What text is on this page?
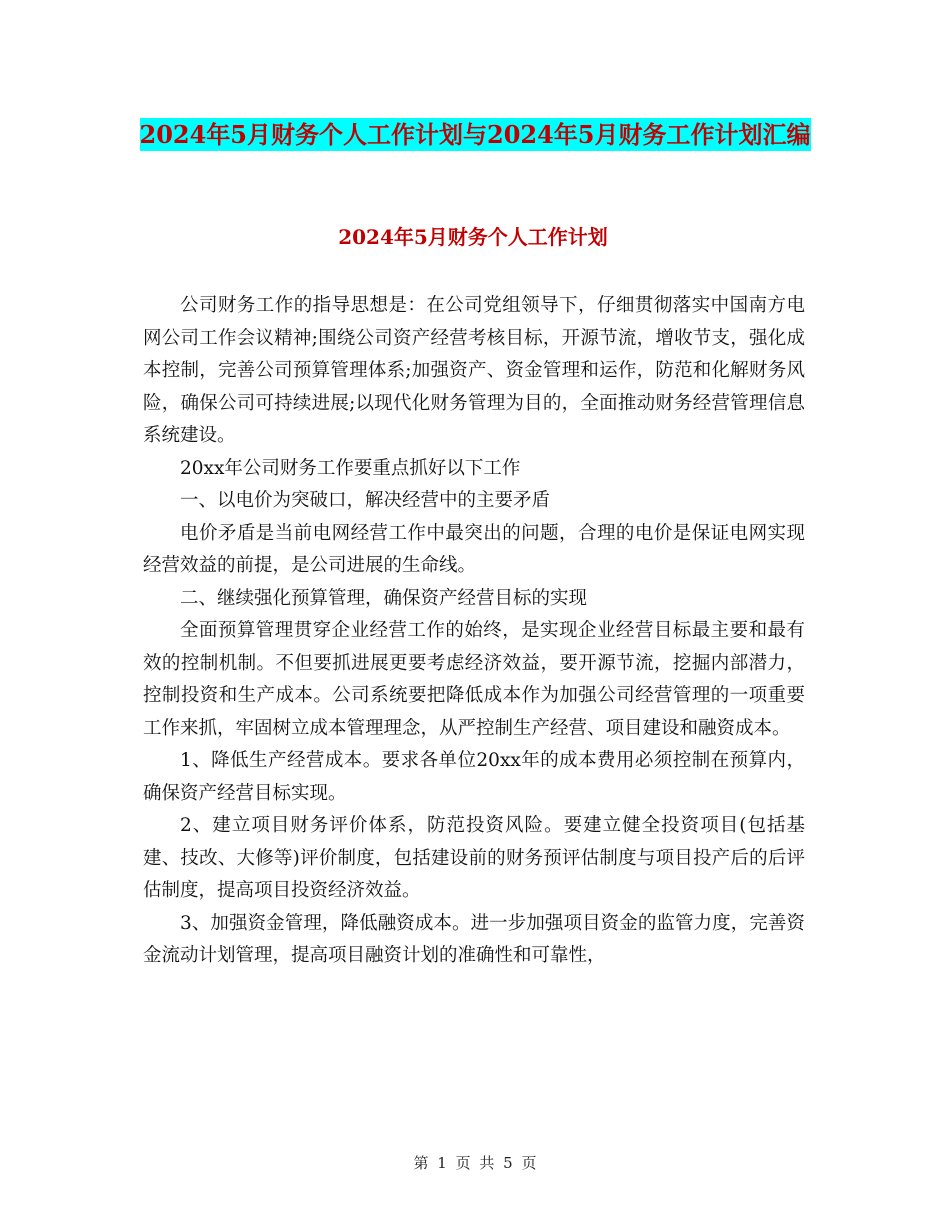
2024年5月财务个人工作计划与2024年5月财务工作计划汇编
2024年5月财务个人工作计划

公司财务工作的指导思想是：在公司党组领导下，仔细贯彻落实中国南方电网公司工作会议精神;围绕公司资产经营考核目标，开源节流，增收节支，强化成本控制，完善公司预算管理体系;加强资产、资金管理和运作，防范和化解财务风险，确保公司可持续进展;以现代化财务管理为目的，全面推动财务经营管理信息系统建设。

20xx年公司财务工作要重点抓好以下工作

一、以电价为突破口，解决经营中的主要矛盾

电价矛盾是当前电网经营工作中最突出的问题，合理的电价是保证电网实现经营效益的前提，是公司进展的生命线。

二、继续强化预算管理，确保资产经营目标的实现

全面预算管理贯穿企业经营工作的始终，是实现企业经营目标最主要和最有效的控制机制。不但要抓进展更要考虑经济效益，要开源节流，挖掘内部潜力，控制投资和生产成本。公司系统要把降低成本作为加强公司经营管理的一项重要工作来抓，牢固树立成本管理理念，从严控制生产经营、项目建设和融资成本。

1、降低生产经营成本。要求各单位20xx年的成本费用必须控制在预算内，确保资产经营目标实现。

2、建立项目财务评价体系，防范投资风险。要建立健全投资项目(包括基建、技改、大修等)评价制度，包括建设前的财务预评估制度与项目投产后的后评估制度，提高项目投资经济效益。

3、加强资金管理，降低融资成本。进一步加强项目资金的监管力度，完善资金流动计划管理，提高项目融资计划的准确性和可靠性，

第 1 页 共 5 页
